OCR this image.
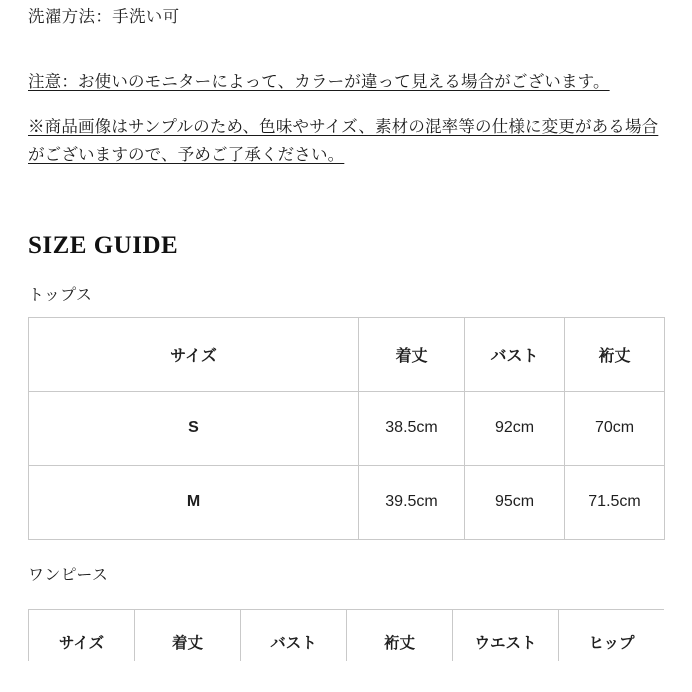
洗濯方法：手洗い可
注意：お使いのモニターによって、カラーが違って見える場合がございます。
※商品画像はサンプルのため、色味やサイズ、素材の混率等の仕様に変更がある場合がございますので、予めご了承ください。
SIZE GUIDE
トップス
サイズ	着丈	バスト	裄丈
S	38.5cm	92cm	70cm
M	39.5cm	95cm	71.5cm
ワンピース
サイズ	着丈	バスト	裄丈	ウエスト	ヒップ
